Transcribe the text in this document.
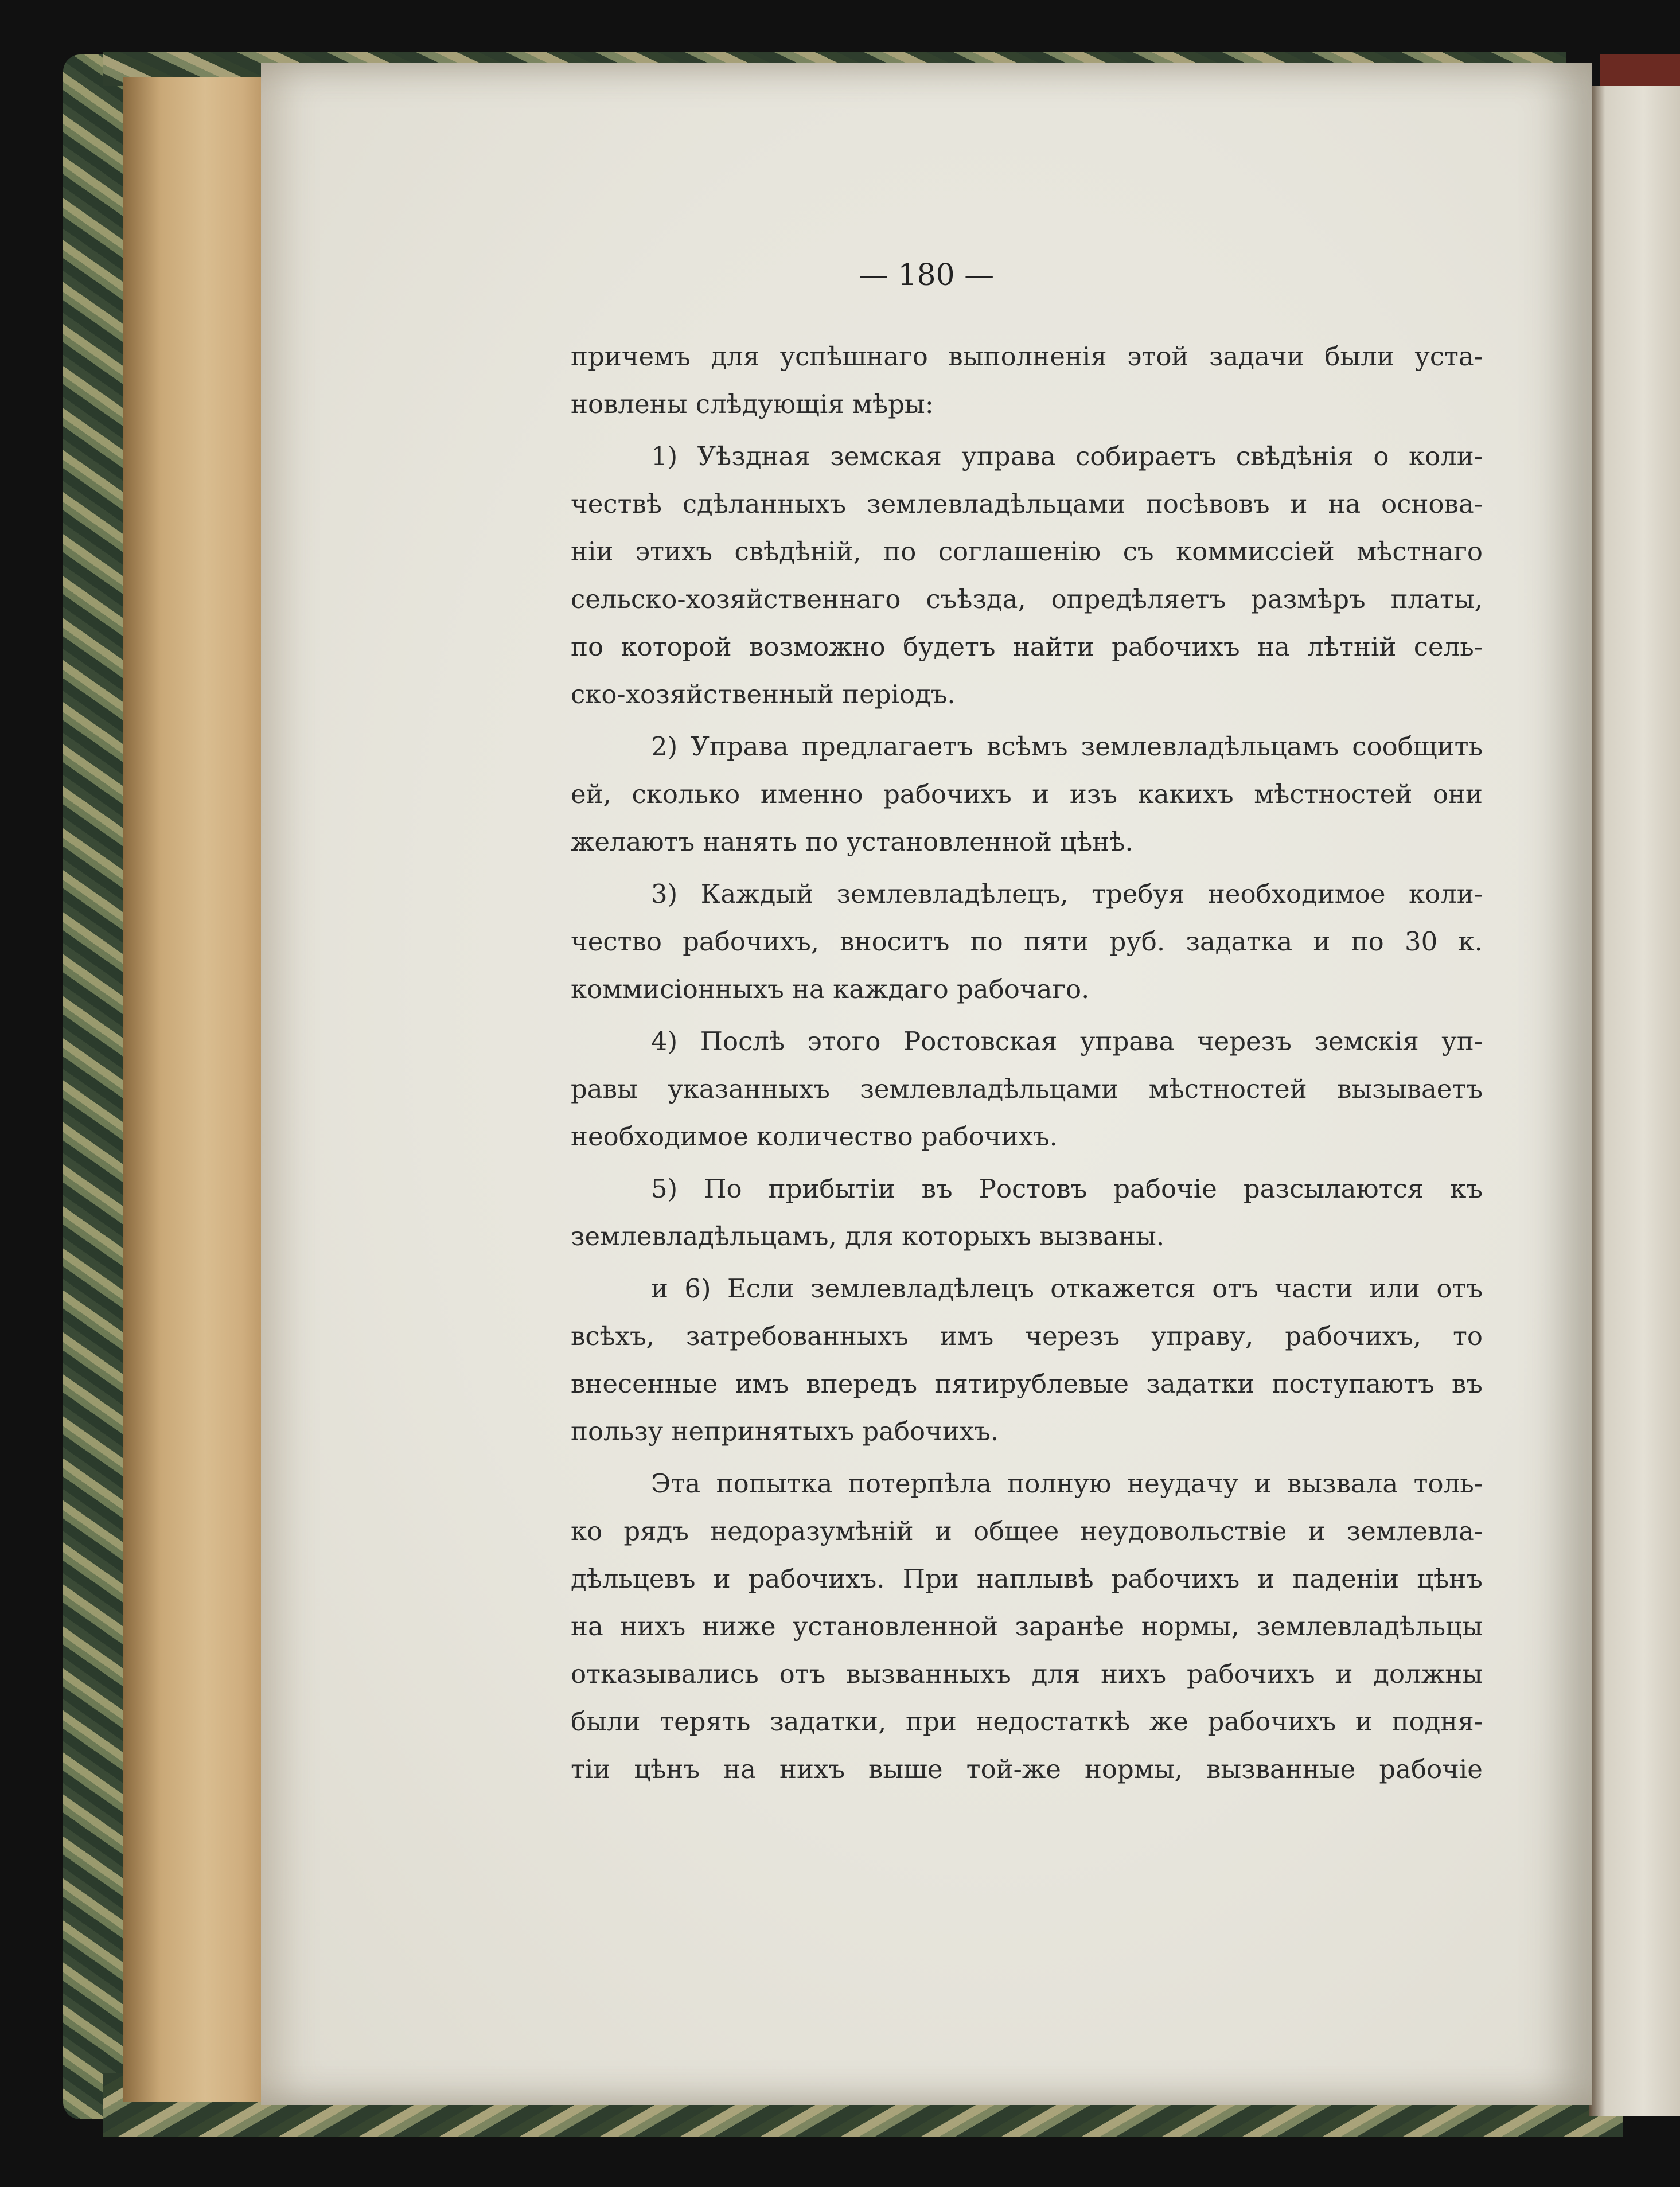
— 180 —
причемъ для успѣшнаго выполненія этой задачи были уста-
новлены слѣдующія мѣры:
1) Уѣздная земская управа собираетъ свѣдѣнія о коли-
чествѣ сдѣланныхъ землевладѣльцами посѣвовъ и на основа-
ніи этихъ свѣдѣній, по соглашенію съ коммиссіей мѣстнаго
сельско-хозяйственнаго съѣзда, опредѣляетъ размѣръ платы,
по которой возможно будетъ найти рабочихъ на лѣтній сель-
ско-хозяйственный періодъ.
2) Управа предлагаетъ всѣмъ землевладѣльцамъ сообщить
ей, сколько именно рабочихъ и изъ какихъ мѣстностей они
желаютъ нанять по установленной цѣнѣ.
3) Каждый землевладѣлецъ, требуя необходимое коли-
чество рабочихъ, вноситъ по пяти руб. задатка и по 30 к.
коммисіонныхъ на каждаго рабочаго.
4) Послѣ этого Ростовская управа черезъ земскія уп-
равы указанныхъ землевладѣльцами мѣстностей вызываетъ
необходимое количество рабочихъ.
5) По прибытіи въ Ростовъ рабочіе разсылаются къ
землевладѣльцамъ, для которыхъ вызваны.
и 6) Если землевладѣлецъ откажется отъ части или отъ
всѣхъ, затребованныхъ имъ черезъ управу, рабочихъ, то
внесенные имъ впередъ пятирублевые задатки поступаютъ въ
пользу непринятыхъ рабочихъ.
Эта попытка потерпѣла полную неудачу и вызвала толь-
ко рядъ недоразумѣній и общее неудовольствіе и землевла-
дѣльцевъ и рабочихъ. При наплывѣ рабочихъ и паденіи цѣнъ
на нихъ ниже установленной заранѣе нормы, землевладѣльцы
отказывались отъ вызванныхъ для нихъ рабочихъ и должны
были терять задатки, при недостаткѣ же рабочихъ и подня-
тіи цѣнъ на нихъ выше той-же нормы, вызванные рабочіе
